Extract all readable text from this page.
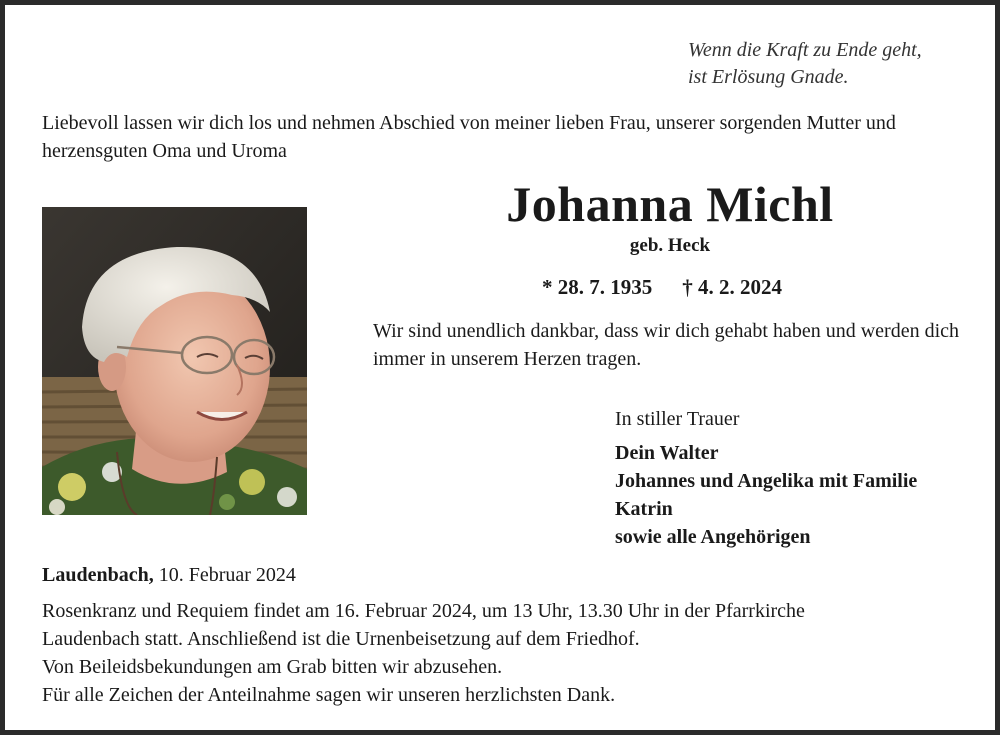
Wenn die Kraft zu Ende geht,
ist Erlösung Gnade.
Liebevoll lassen wir dich los und nehmen Abschied von meiner lieben Frau, unserer sorgenden Mutter und herzensguten Oma und Uroma
Johanna Michl
geb. Heck
* 28. 7. 1935 † 4. 2. 2024
Wir sind unendlich dankbar, dass wir dich gehabt haben und werden dich immer in unserem Herzen tragen.
In stiller Trauer
Dein Walter
Johannes und Angelika mit Familie
Katrin
sowie alle Angehörigen
Laudenbach, 10. Februar 2024
Rosenkranz und Requiem findet am 16. Februar 2024, um 13 Uhr, 13.30 Uhr in der Pfarrkirche
Laudenbach statt. Anschließend ist die Urnenbeisetzung auf dem Friedhof.
Von Beileidsbekundungen am Grab bitten wir abzusehen.
Für alle Zeichen der Anteilnahme sagen wir unseren herzlichsten Dank.
